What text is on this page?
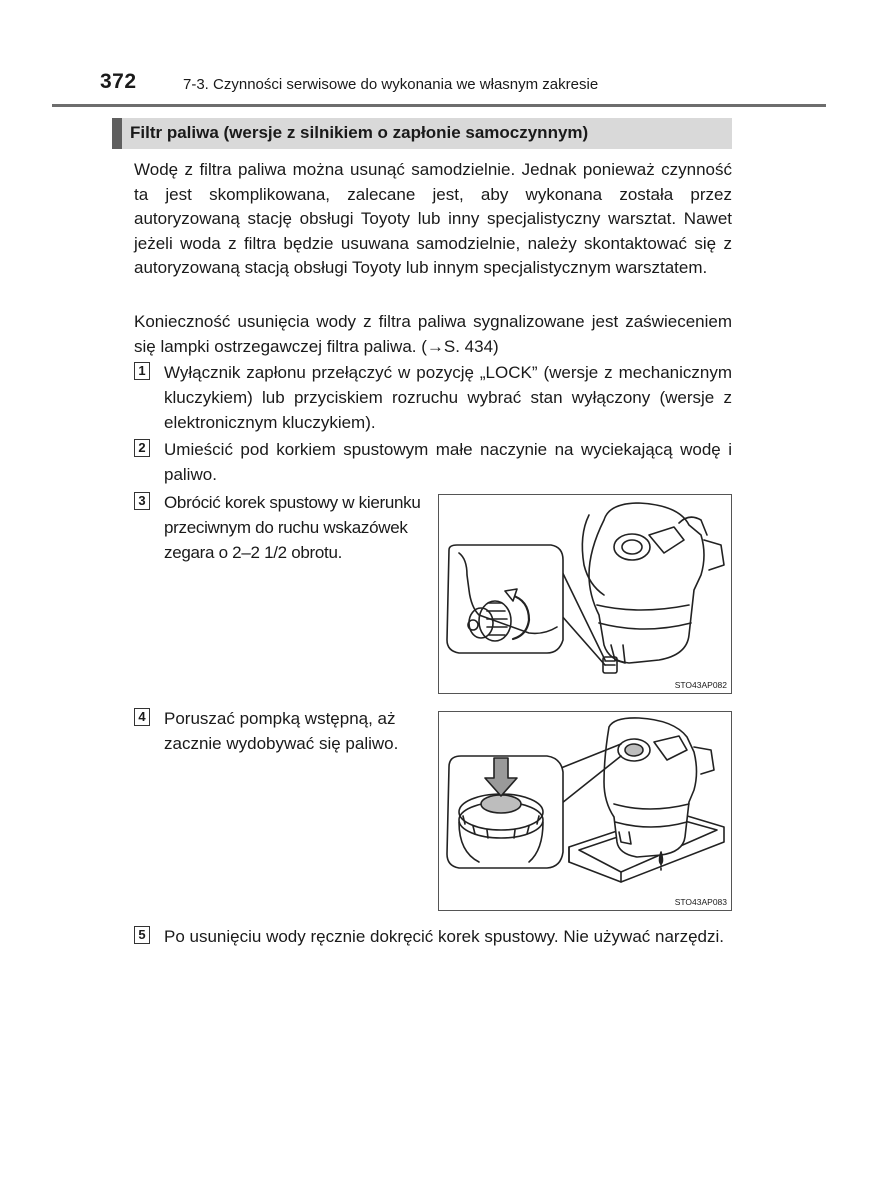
372	7-3. Czynności serwisowe do wykonania we własnym zakresie
Filtr paliwa (wersje z silnikiem o zapłonie samoczynnym)

Wodę z filtra paliwa można usunąć samodzielnie. Jednak ponieważ czynność ta jest skomplikowana, zalecane jest, aby wykonana została przez autoryzowaną stację obsługi Toyoty lub inny specjalistyczny warsztat. Nawet jeżeli woda z filtra będzie usuwana samodzielnie, należy skontaktować się z autoryzowaną stacją obsługi Toyoty lub innym specjalistycznym warsztatem.

Konieczność usunięcia wody z filtra paliwa sygnalizowane jest zaświeceniem się lampki ostrzegawczej filtra paliwa. (→S. 434)

1 Wyłącznik zapłonu przełączyć w pozycję „LOCK” (wersje z mechanicznym kluczykiem) lub przyciskiem rozruchu wybrać stan wyłączony (wersje z elektronicznym kluczykiem).

2 Umieścić pod korkiem spustowym małe naczynie na wyciekającą wodę i paliwo.

3 Obrócić korek spustowy w kierunku przeciwnym do ruchu wskazówek zegara o 2–2 1/2 obrotu.

STO43AP082
4 Poruszać pompką wstępną, aż zacznie wydobywać się paliwo.

STO43AP083
5 Po usunięciu wody ręcznie dokręcić korek spustowy. Nie używać narzędzi.
